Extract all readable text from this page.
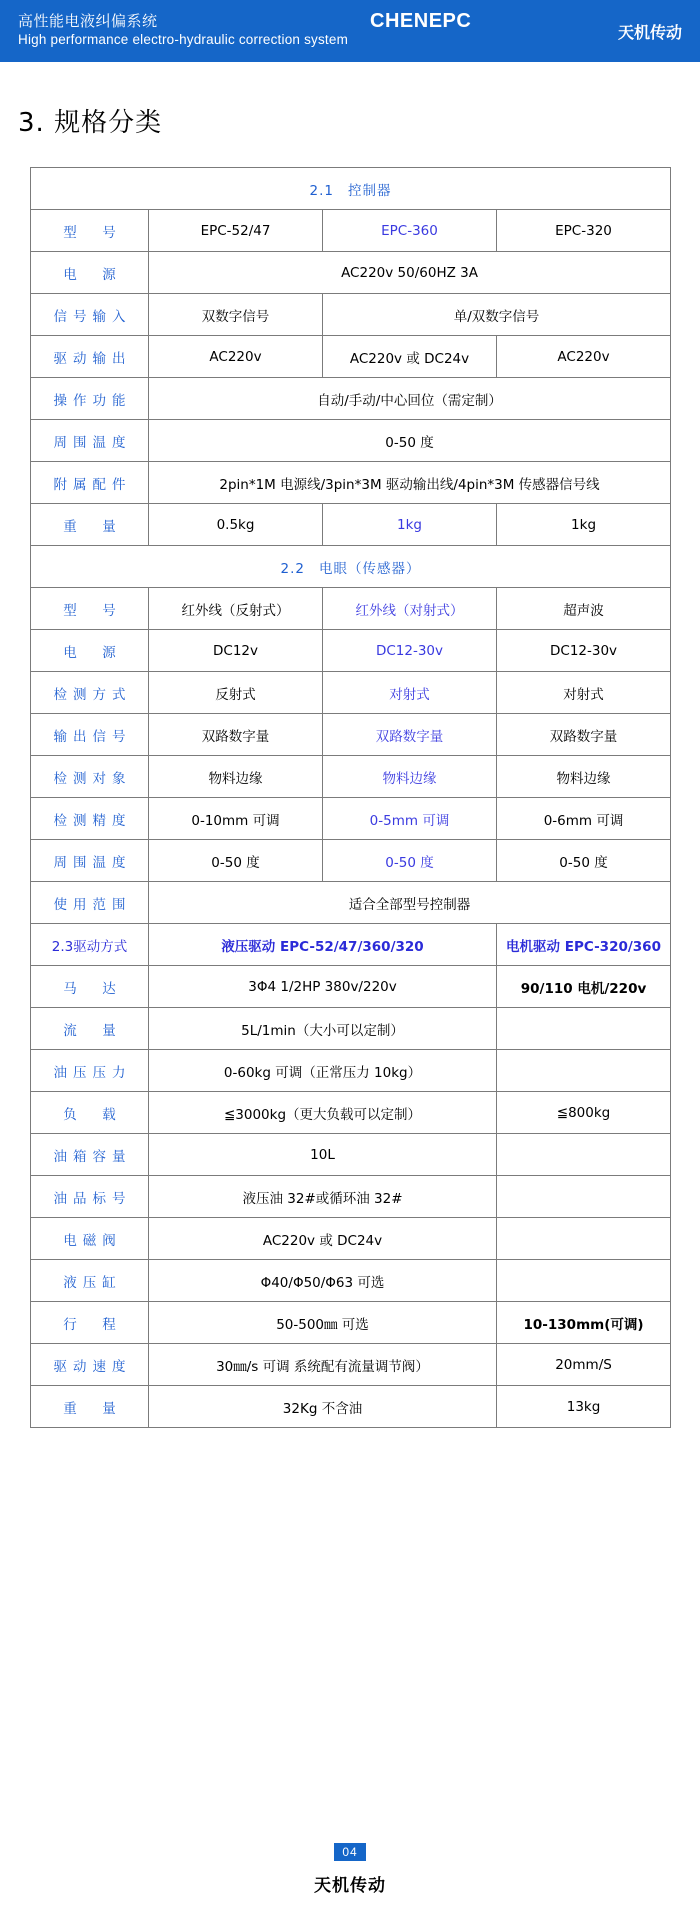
高性能电液纠偏系统
High performance electro-hydraulic correction system
CHENEPC
天机传动
3. 规格分类
2.1 控制器			
型　号	EPC-52/47	EPC-360	EPC-320
电　源	AC220v 50/60HZ 3A		
信号输入	双数字信号	单/双数字信号	
驱动输出	AC220v	AC220v 或 DC24v	AC220v
操作功能	自动/手动/中心回位（需定制）		
周围温度	0-50 度		
附属配件	2pin*1M 电源线/3pin*3M 驱动输出线/4pin*3M 传感器信号线		
重　量	0.5kg	1kg	1kg
2.2 电眼（传感器）			
型　号	红外线（反射式）	红外线（对射式）	超声波
电　源	DC12v	DC12-30v	DC12-30v
检测方式	反射式	对射式	对射式
输出信号	双路数字量	双路数字量	双路数字量
检测对象	物料边缘	物料边缘	物料边缘
检测精度	0-10mm 可调	0-5mm 可调	0-6mm 可调
周围温度	0-50 度	0-50 度	0-50 度
使用范围	适合全部型号控制器		
2.3驱动方式	液压驱动 EPC-52/47/360/320		电机驱动 EPC-320/360
马　达	3Φ4 1/2HP 380v/220v		90/110 电机/220v
流　量	5L/1min（大小可以定制）		
油压压力	0-60kg 可调（正常压力 10kg）		
负　载	≦3000kg（更大负载可以定制）		≦800kg
油箱容量	10L		
油品标号	液压油 32#或循环油 32#		
电磁阀	AC220v 或 DC24v		
液压缸	Φ40/Φ50/Φ63 可选		
行　程	50-500㎜ 可选		10-130mm(可调)
驱动速度	30㎜/s 可调 系统配有流量调节阀）		20mm/S
重　量	32Kg 不含油		13kg
04
天机传动
